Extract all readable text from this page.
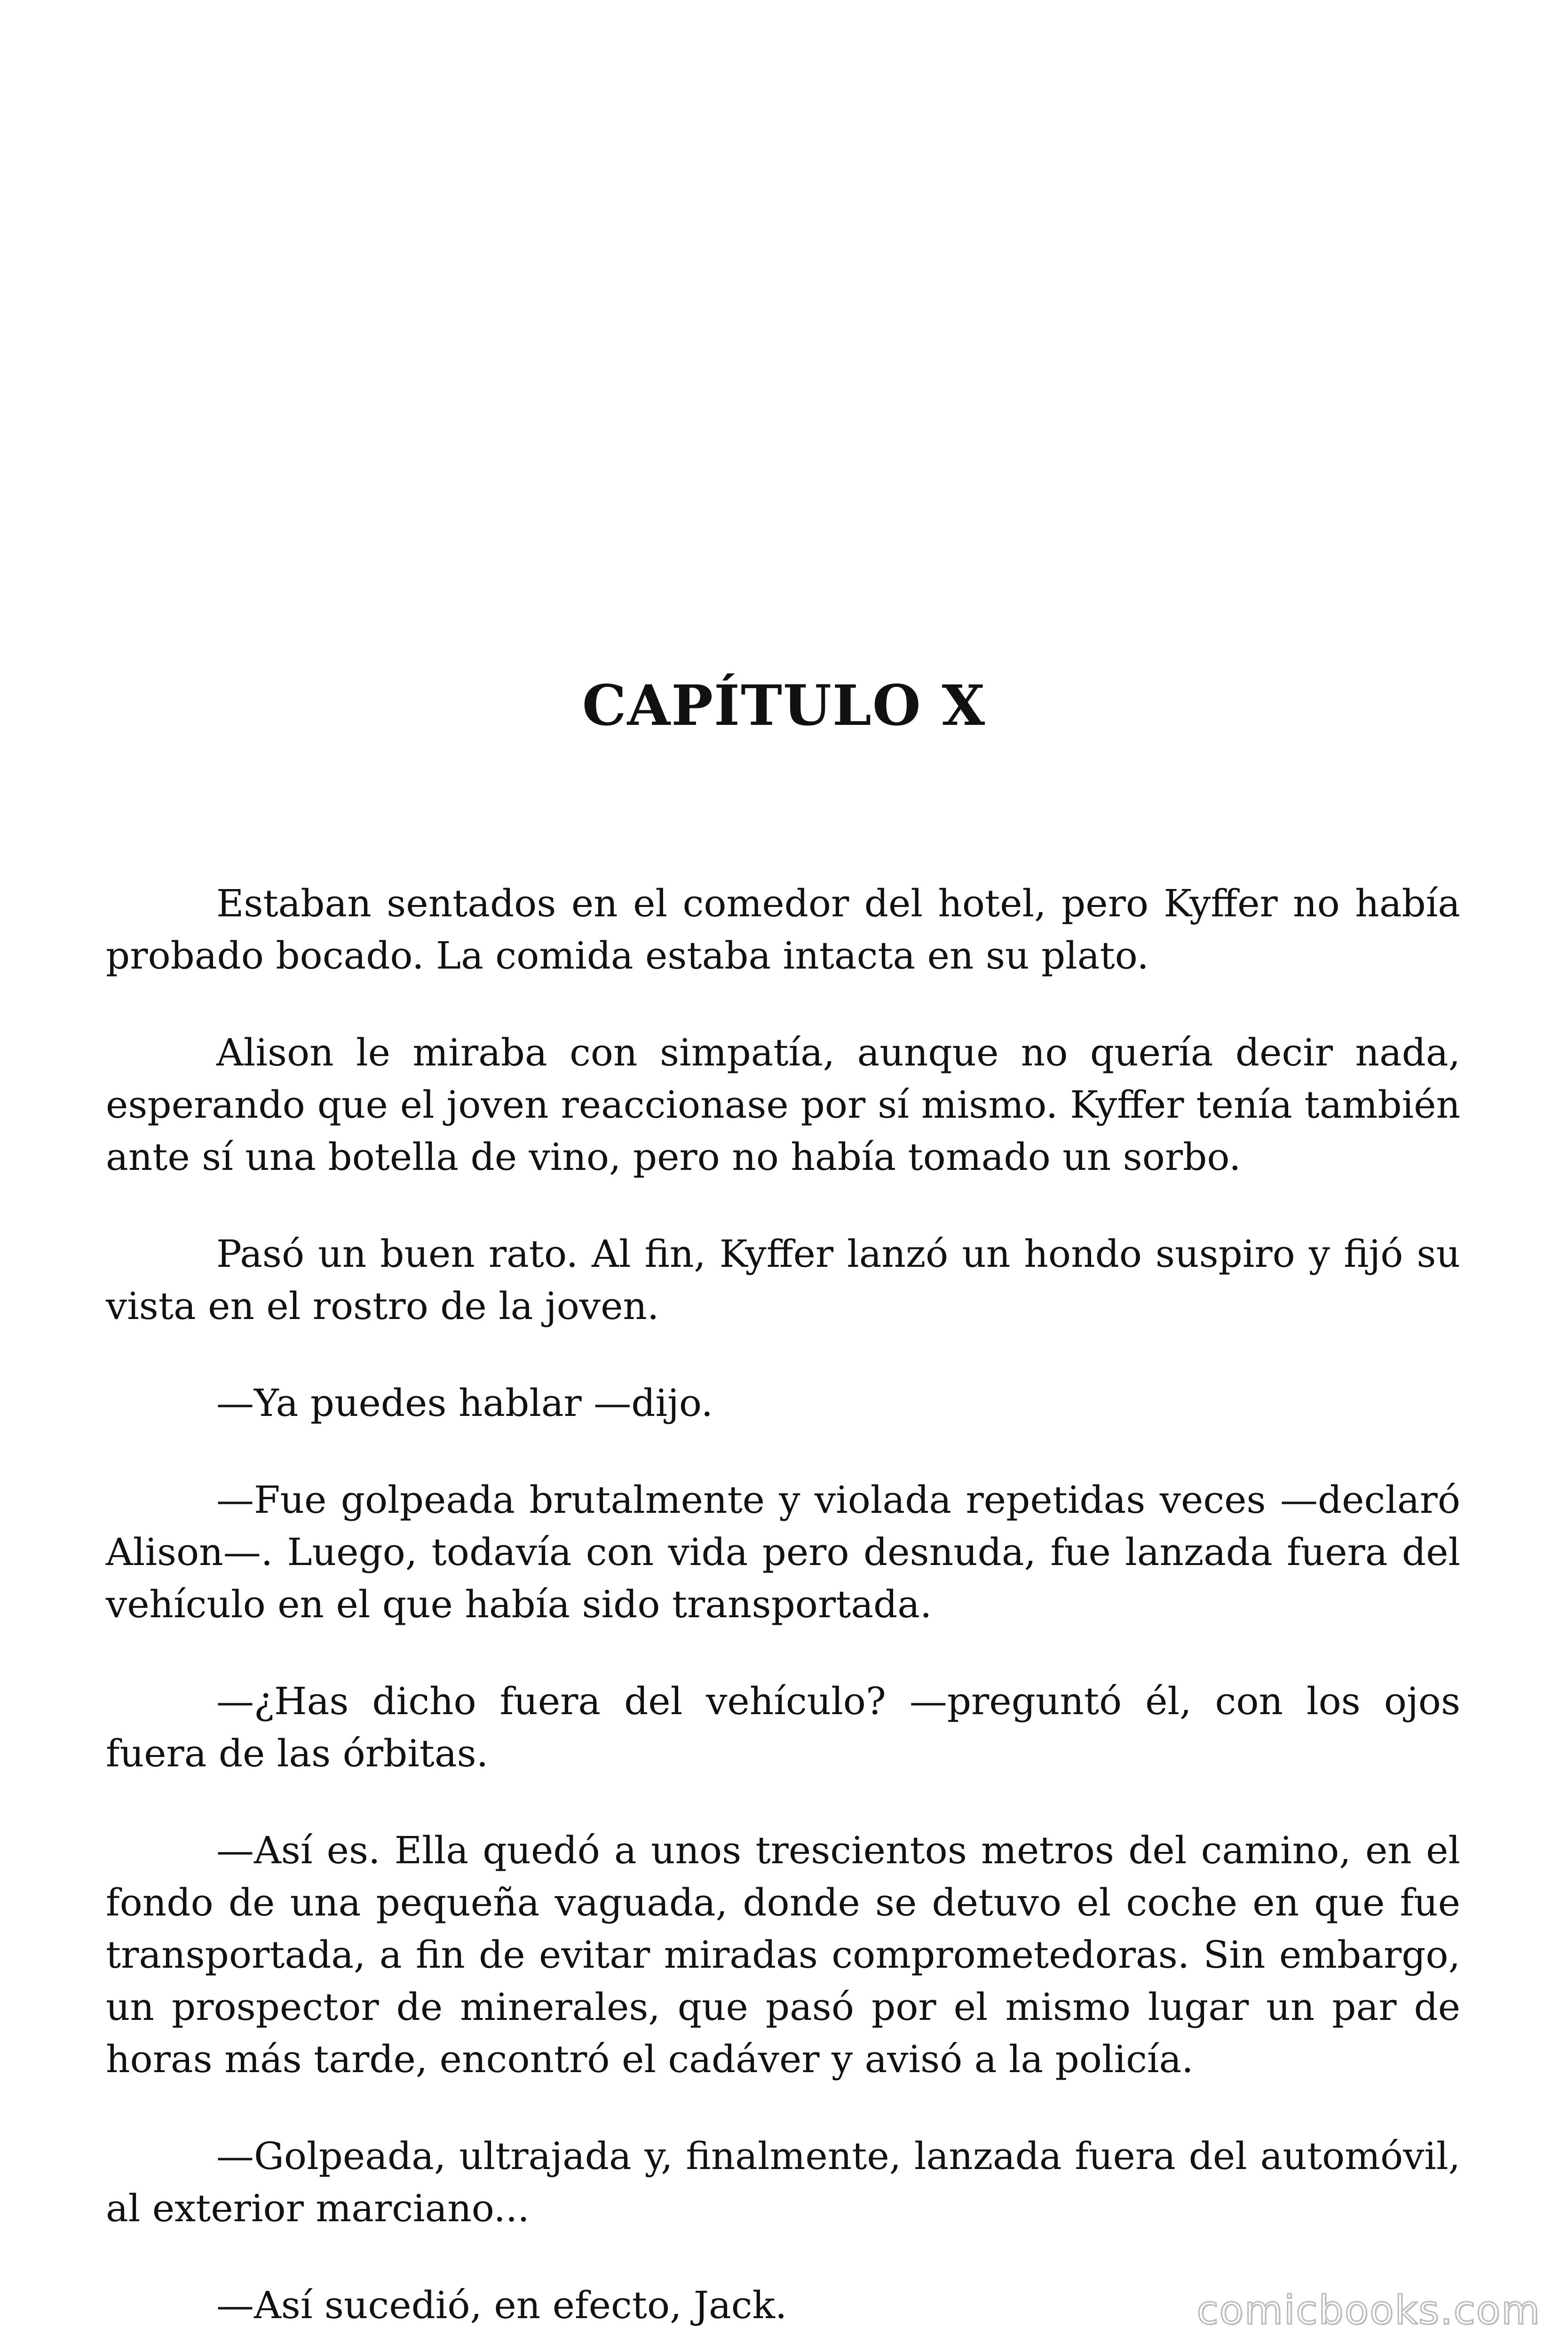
CAPÍTULO X

Estaban sentados en el comedor del hotel, pero Kyffer no había probado bocado. La comida estaba intacta en su plato.

Alison le miraba con simpatía, aunque no quería decir nada, esperando que el joven reaccionase por sí mismo. Kyffer tenía también ante sí una botella de vino, pero no había tomado un sorbo.

Pasó un buen rato. Al fin, Kyffer lanzó un hondo suspiro y fijó su vista en el rostro de la joven.

—Ya puedes hablar —dijo.

—Fue golpeada brutalmente y violada repetidas veces —declaró Alison—. Luego, todavía con vida pero desnuda, fue lanzada fuera del vehículo en el que había sido transportada.

—¿Has dicho fuera del vehículo? —preguntó él, con los ojos fuera de las órbitas.

—Así es. Ella quedó a unos trescientos metros del camino, en el fondo de una pequeña vaguada, donde se detuvo el coche en que fue transportada, a fin de evitar miradas comprometedoras. Sin embargo, un prospector de minerales, que pasó por el mismo lugar un par de horas más tarde, encontró el cadáver y avisó a la policía.

—Golpeada, ultrajada y, finalmente, lanzada fuera del automóvil, al exterior marciano...

—Así sucedió, en efecto, Jack.	comicbooks.com
